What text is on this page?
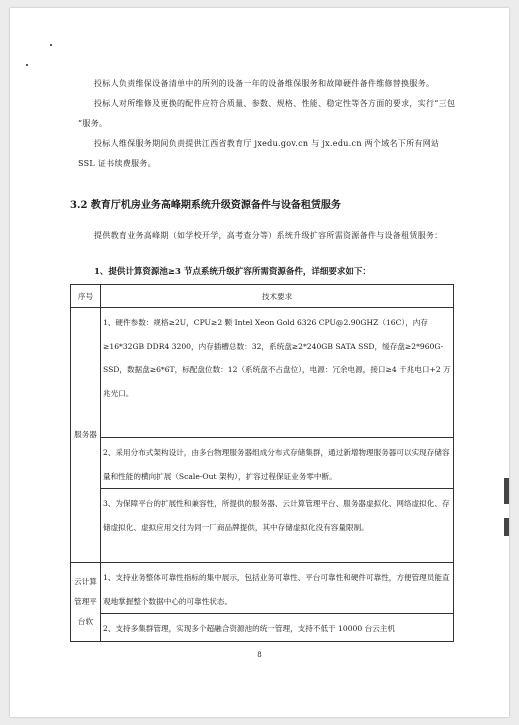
投标人负责维保设备清单中的所列的设备一年的设备维保服务和故障硬件备件维修替换服务。
投标人对所维修及更换的配件应符合质量、参数、规格、性能、稳定性等各方面的要求，实行“三包 ”服务。
投标人维保服务期间负责提供江西省教育厅 jxedu.gov.cn 与 jx.edu.cn 两个域名下所有网站 SSL 证书续费服务。
3.2 教育厅机房业务高峰期系统升级资源备件与设备租赁服务
提供教育业务高峰期（如学校开学，高考查分等）系统升级扩容所需资源备件与设备租赁服务：
1、提供计算资源池≥3 节点系统升级扩容所需资源备件，详细要求如下：
序号	技术要求
服务器	1、硬件参数：规格≥2U，CPU≥2 颗 Intel Xeon Gold 6326 CPU@2.90GHZ（16C），内存≥16*32GB DDR4 3200，内存插槽总数：32，系统盘≥2*240GB SATA SSD，缓存盘≥2*960G-SSD，数据盘≥6*6T，标配盘位数：12（系统盘不占盘位），电源：冗余电源，接口≥4 千兆电口+2 万兆光口。
	2、采用分布式架构设计，由多台物理服务器组成分布式存储集群，通过新增物理服务器可以实现存储容量和性能的横向扩展（Scale-Out 架构），扩容过程保证业务零中断。
	3、为保障平台的扩展性和兼容性，所提供的服务器、云计算管理平台、服务器虚拟化、网络虚拟化、存储虚拟化、虚拟应用交付为同一厂商品牌提供，其中存储虚拟化没有容量限制。
云计算管理平台软	1、支持业务整体可靠性指标的集中展示，包括业务可靠性、平台可靠性和硬件可靠性，方便管理员能直观地掌握整个数据中心的可靠性状态。
	2、支持多集群管理，实现多个超融合资源池的统一管理，支持不低于 10000 台云主机
8
